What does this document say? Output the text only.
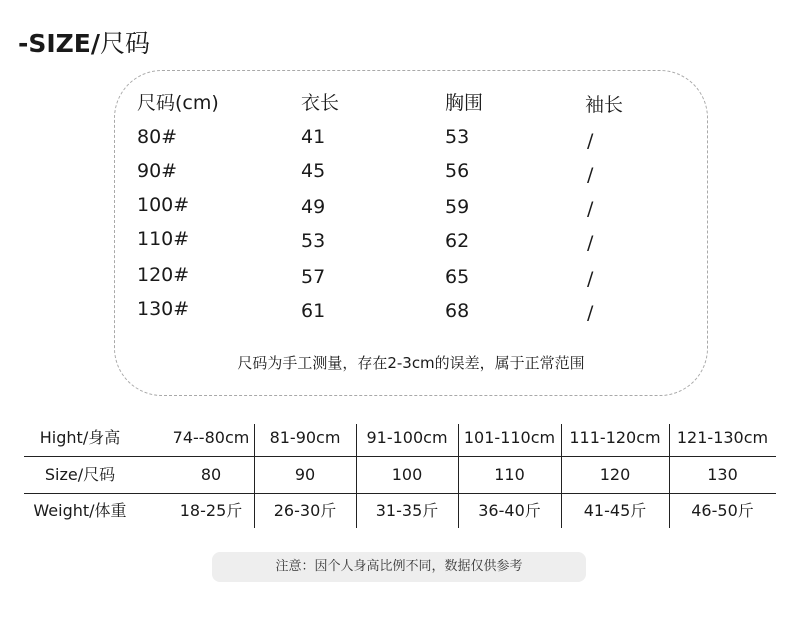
-SIZE/尺码
尺码(cm)	衣长	胸围	袖长
80#	41	53	/
90#	45	56	/
100#	49	59	/
110#	53	62	/
120#	57	65	/
130#	61	68	/
尺码为手工测量，存在2-3cm的误差，属于正常范围
Hight/身高	74--80cm	81-90cm	91-100cm	101-110cm 111-120cm	121-130cm
Size/尺码	80	90	100	110	120	130
Weight/体重	18-25斤	26-30斤	31-35斤	36-40斤	41-45斤	46-50斤
注意：因个人身高比例不同，数据仅供参考
